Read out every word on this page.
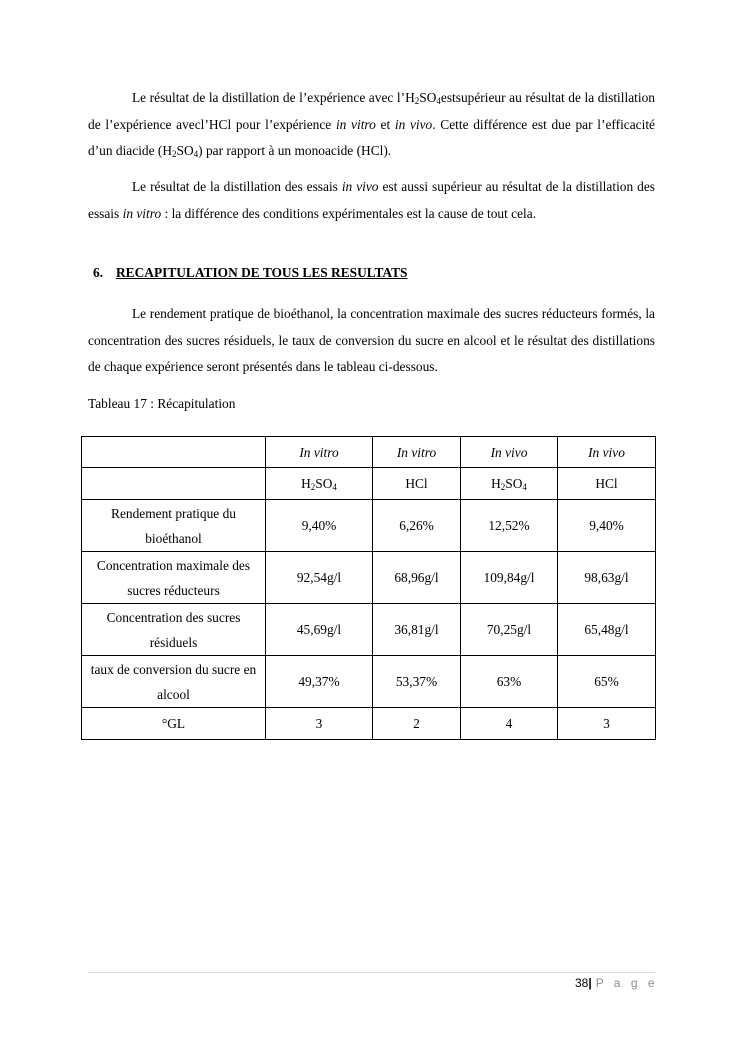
Le résultat de la distillation de l’expérience avec $l’H_2SO_4estsupérieur$ au résultat de la distillation de l’expérience avecl’HCl pour l’expérience in vitro et in vivo. Cette différence est due par l’efficacité d’un diacide $(H_2SO_4)$ par rapport à un monoacide (HCl).

Le résultat de la distillation des essais in vivo est aussi supérieur au résultat de la distillation des essais in vitro : la différence des conditions expérimentales est la cause de tout cela.

6. RECAPITULATION DE TOUS LES RESULTATS

Le rendement pratique de bioéthanol, la concentration maximale des sucres réducteurs formés, la concentration des sucres résiduels, le taux de conversion du sucre en alcool et le résultat des distillations de chaque expérience seront présentés dans le tableau ci-dessous.

Tableau 17 : Récapitulation

	In vitro	In vitro	In vivo	In vivo
	$H_2SO_4$	HCl	$H_2SO_4$	HCl
Rendement pratique du bioéthanol	9,40%	6,26%	12,52%	9,40%
Concentration maximale des sucres réducteurs	92,54g/l	68,96g/l	109,84g/l	98,63g/l
Concentration des sucres résiduels	45,69g/l	36,81g/l	70,25g/l	65,48g/l
taux de conversion du sucre en alcool	49,37%	53,37%	63%	65%
°GL	3	2	4	3
38| P a g e
